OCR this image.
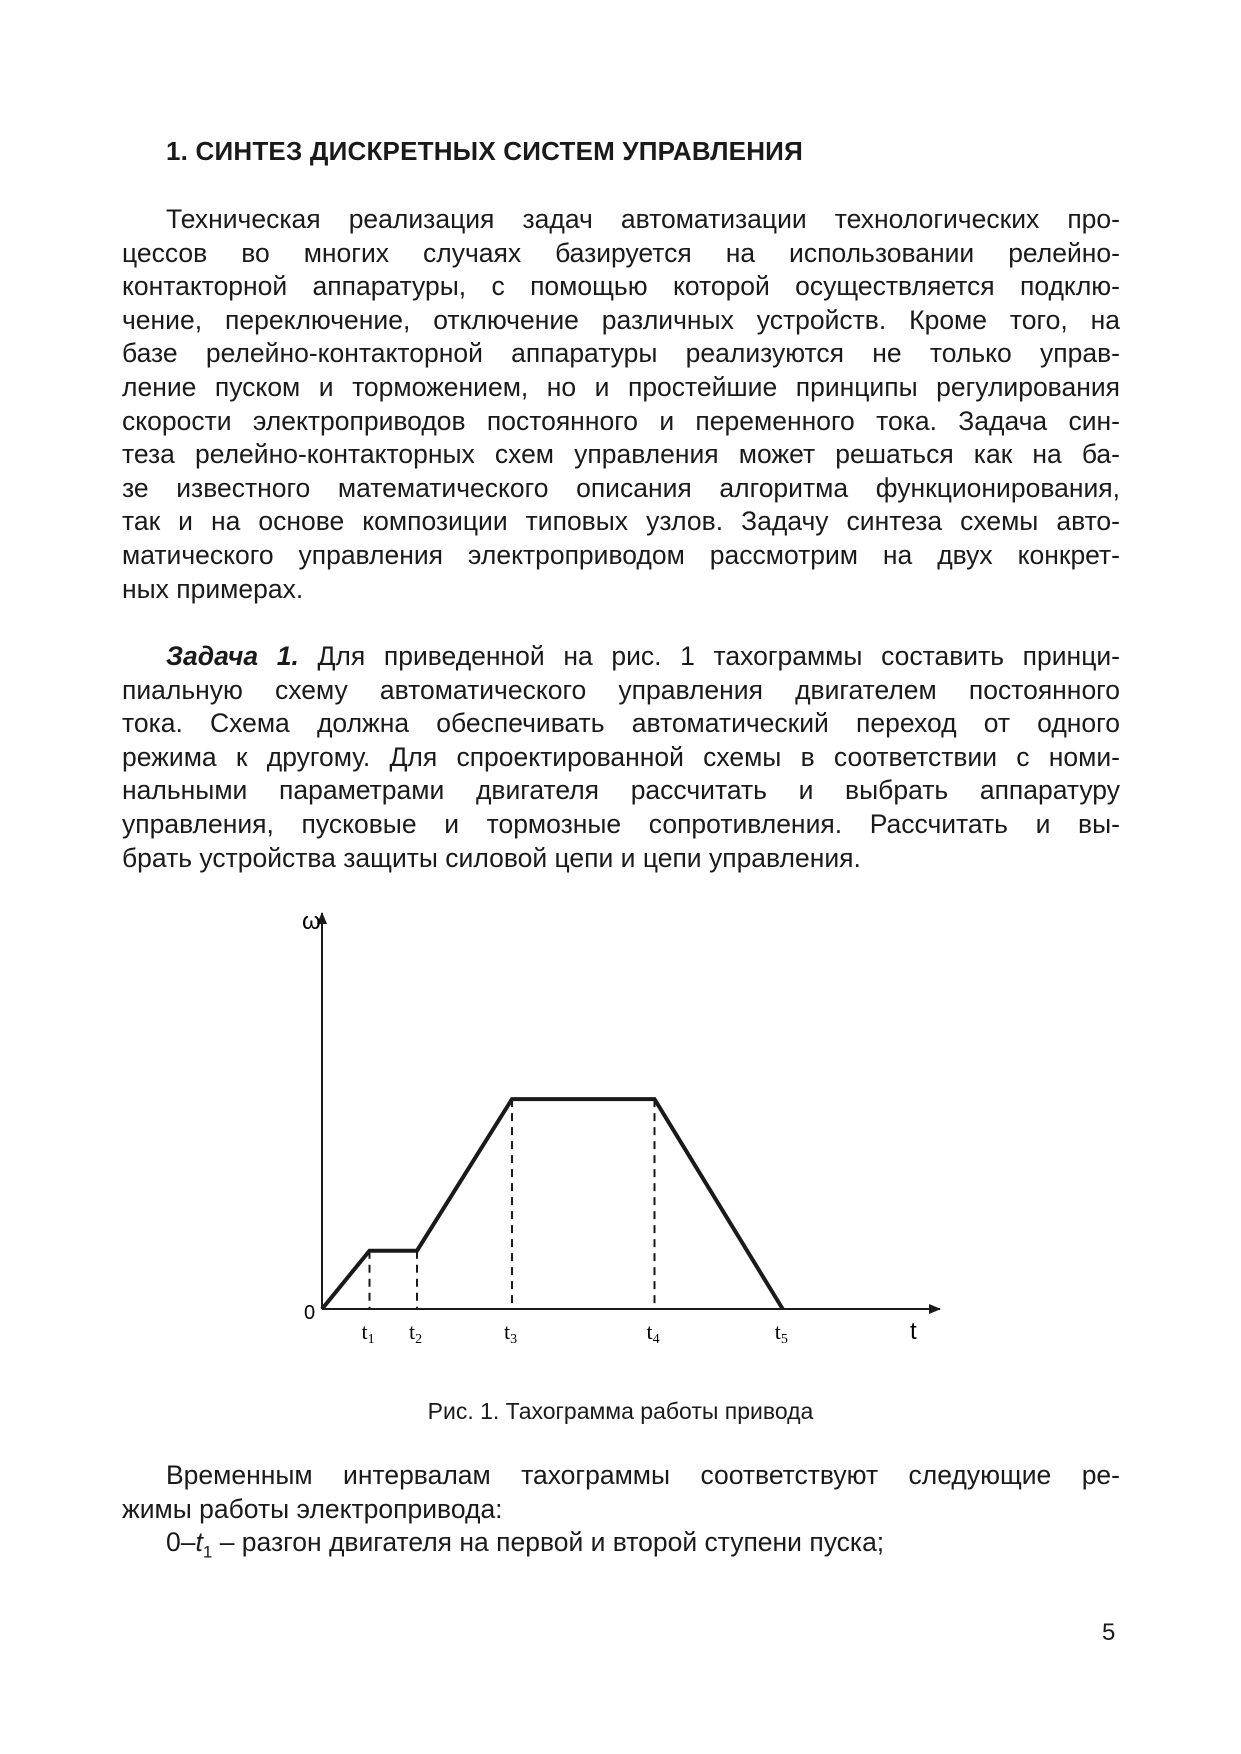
1. СИНТЕЗ ДИСКРЕТНЫХ СИСТЕМ УПРАВЛЕНИЯ
Техническая реализация задач автоматизации технологических про-
цессов во многих случаях базируется на использовании релейно-
контакторной аппаратуры, с помощью которой осуществляется подклю-
чение, переключение, отключение различных устройств. Кроме того, на
базе релейно-контакторной аппаратуры реализуются не только управ-
ление пуском и торможением, но и простейшие принципы регулирования
скорости электроприводов постоянного и переменного тока. Задача син-
теза релейно-контакторных схем управления может решаться как на ба-
зе известного математического описания алгоритма функционирования,
так и на основе композиции типовых узлов. Задачу синтеза схемы авто-
матического управления электроприводом рассмотрим на двух конкрет-
ных примерах.
Задача 1. Для приведенной на рис. 1 тахограммы составить принци-
пиальную схему автоматического управления двигателем постоянного
тока. Схема должна обеспечивать автоматический переход от одного
режима к другому. Для спроектированной схемы в соответствии с номи-
нальными параметрами двигателя рассчитать и выбрать аппаратуру
управления, пусковые и тормозные сопротивления. Рассчитать и вы-
брать устройства защиты силовой цепи и цепи управления.
ω
0
t
t1 t2	t3	t4	t5

Рис. 1. Тахограмма работы привода

Временным интервалам тахограммы соответствуют следующие ре-
жимы работы электропривода:
$0-t_1$ – разгон двигателя на первой и второй ступени пуска;
5
